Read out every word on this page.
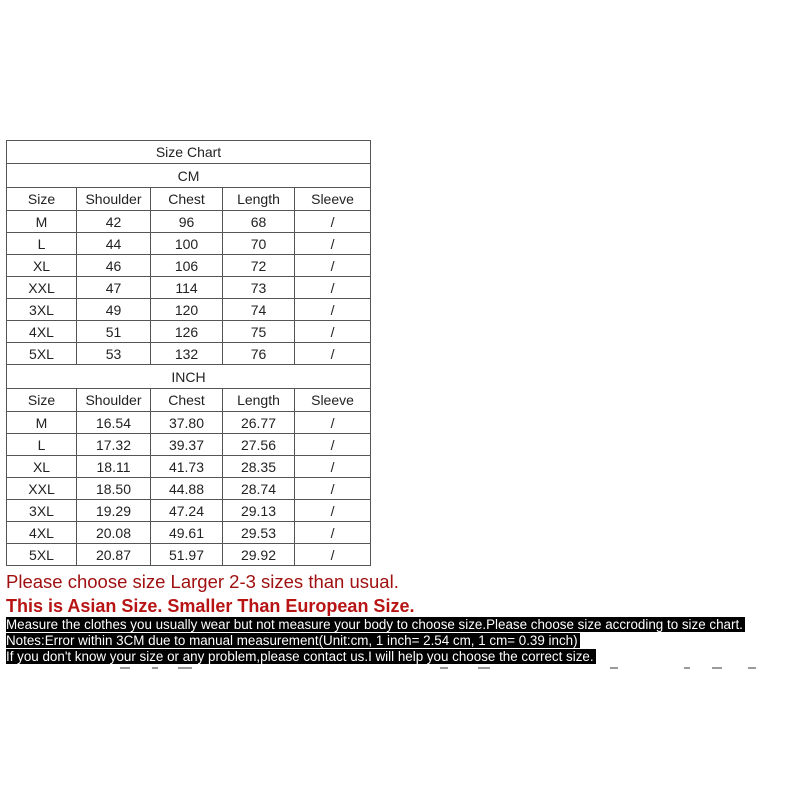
Size Chart				
CM				
Size	Shoulder	Chest	Length	Sleeve
M	42	96	68	/
L	44	100	70	/
XL	46	106	72	/
XXL	47	114	73	/
3XL	49	120	74	/
4XL	51	126	75	/
5XL	53	132	76	/
INCH				
Size	Shoulder	Chest	Length	Sleeve
M	16.54	37.80	26.77	/
L	17.32	39.37	27.56	/
XL	18.11	41.73	28.35	/
XXL	18.50	44.88	28.74	/
3XL	19.29	47.24	29.13	/
4XL	20.08	49.61	29.53	/
5XL	20.87	51.97	29.92	/
Please choose size Larger 2-3 sizes than usual.
This is Asian Size. Smaller Than European Size.
Measure the clothes you usually wear but not measure your body to choose size.Please choose size accroding to size chart.
Notes:Error within 3CM due to manual measurement(Unit:cm, 1 inch= 2.54 cm, 1 cm= 0.39 inch)
If you don't know your size or any problem,please contact us.I will help you choose the correct size.
